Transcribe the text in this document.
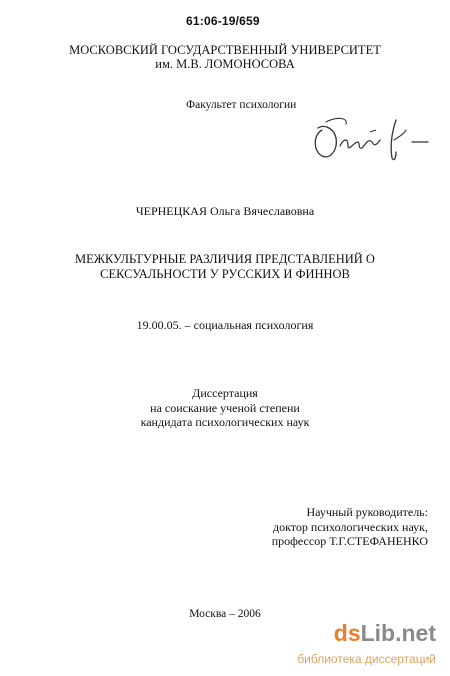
61:06-19/659
МОСКОВСКИЙ ГОСУДАРСТВЕННЫЙ УНИВЕРСИТЕТ
им. М.В. ЛОМОНОСОВА
Факультет психологии
ЧЕРНЕЦКАЯ Ольга Вячеславовна
МЕЖКУЛЬТУРНЫЕ РАЗЛИЧИЯ ПРЕДСТАВЛЕНИЙ О
СЕКСУАЛЬНОСТИ У РУССКИХ И ФИННОВ
19.00.05. – социальная психология
Диссертация
на соискание ученой степени
кандидата психологических наук
Научный руководитель:
доктор психологических наук,
профессор Т.Г.СТЕФАНЕНКО
Москва – 2006
dsLib.net
библиотека диссертаций
